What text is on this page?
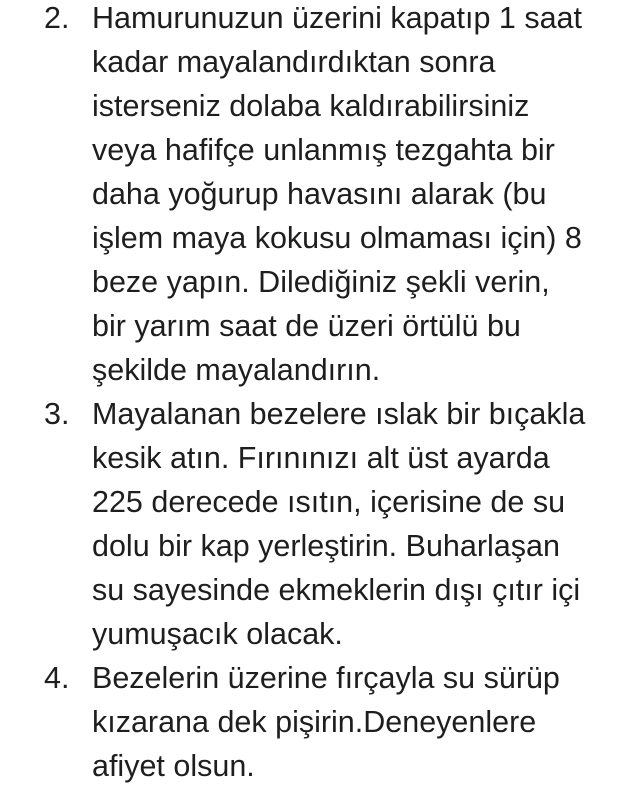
2. Hamurunuzun üzerini kapatıp 1 saat
kadar mayalandırdıktan sonra
isterseniz dolaba kaldırabilirsiniz
veya hafifçe unlanmış tezgahta bir
daha yoğurup havasını alarak (bu
işlem maya kokusu olmaması için) 8
beze yapın. Dilediğiniz şekli verin,
bir yarım saat de üzeri örtülü bu
şekilde mayalandırın.
3. Mayalanan bezelere ıslak bir bıçakla
kesik atın. Fırınınızı alt üst ayarda
225 derecede ısıtın, içerisine de su
dolu bir kap yerleştirin. Buharlaşan
su sayesinde ekmeklerin dışı çıtır içi
yumuşacık olacak.
4. Bezelerin üzerine fırçayla su sürüp
kızarana dek pişirin.Deneyenlere
afiyet olsun.
